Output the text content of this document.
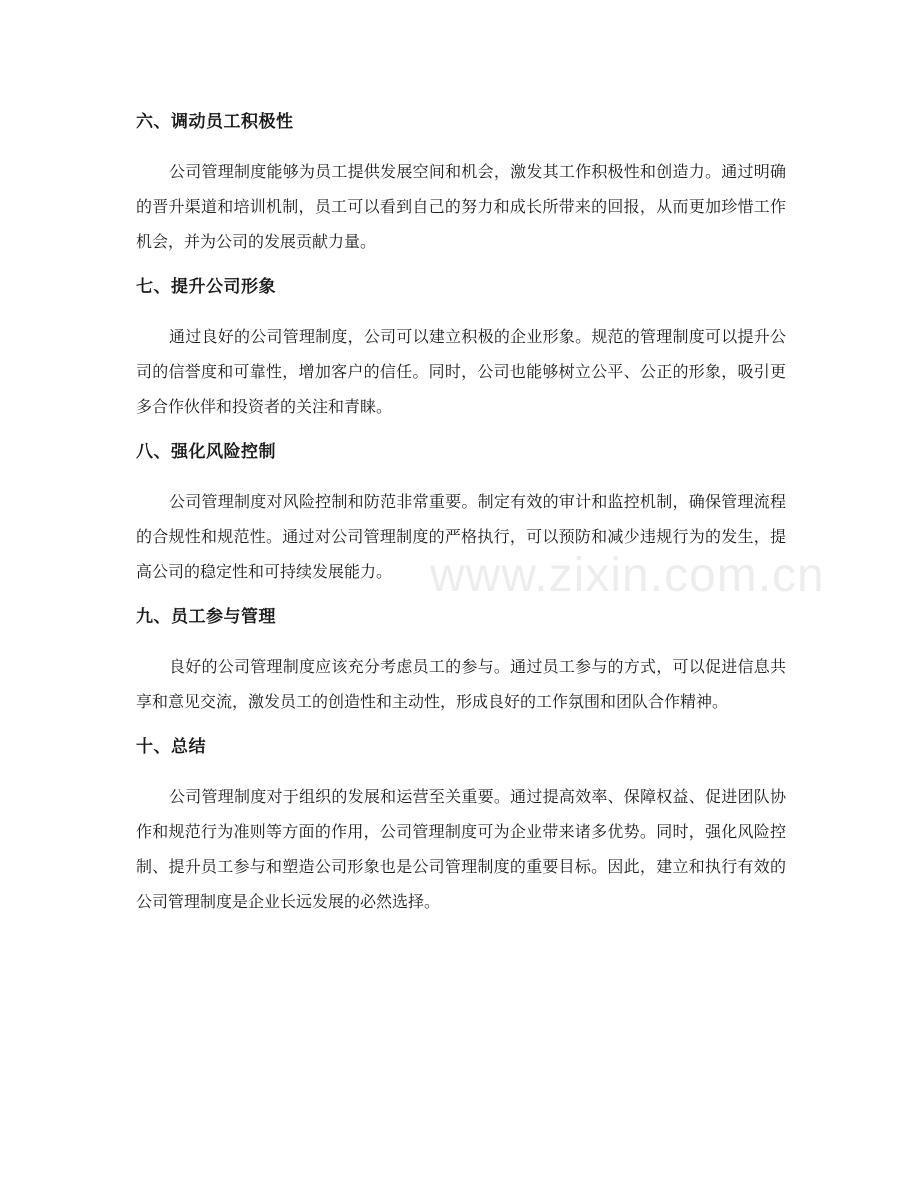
六、调动员工积极性

公司管理制度能够为员工提供发展空间和机会，激发其工作积极性和创造力。通过明确的晋升渠道和培训机制，员工可以看到自己的努力和成长所带来的回报，从而更加珍惜工作机会，并为公司的发展贡献力量。

七、提升公司形象

通过良好的公司管理制度，公司可以建立积极的企业形象。规范的管理制度可以提升公司的信誉度和可靠性，增加客户的信任。同时，公司也能够树立公平、公正的形象，吸引更多合作伙伴和投资者的关注和青睐。

八、强化风险控制

公司管理制度对风险控制和防范非常重要。制定有效的审计和监控机制，确保管理流程的合规性和规范性。通过对公司管理制度的严格执行，可以预防和减少违规行为的发生，提高公司的稳定性和可持续发展能力。

九、员工参与管理

良好的公司管理制度应该充分考虑员工的参与。通过员工参与的方式，可以促进信息共享和意见交流，激发员工的创造性和主动性，形成良好的工作氛围和团队合作精神。

十、总结

公司管理制度对于组织的发展和运营至关重要。通过提高效率、保障权益、促进团队协作和规范行为准则等方面的作用，公司管理制度可为企业带来诸多优势。同时，强化风险控制、提升员工参与和塑造公司形象也是公司管理制度的重要目标。因此，建立和执行有效的公司管理制度是企业长远发展的必然选择。

www.zixin.com.cn
